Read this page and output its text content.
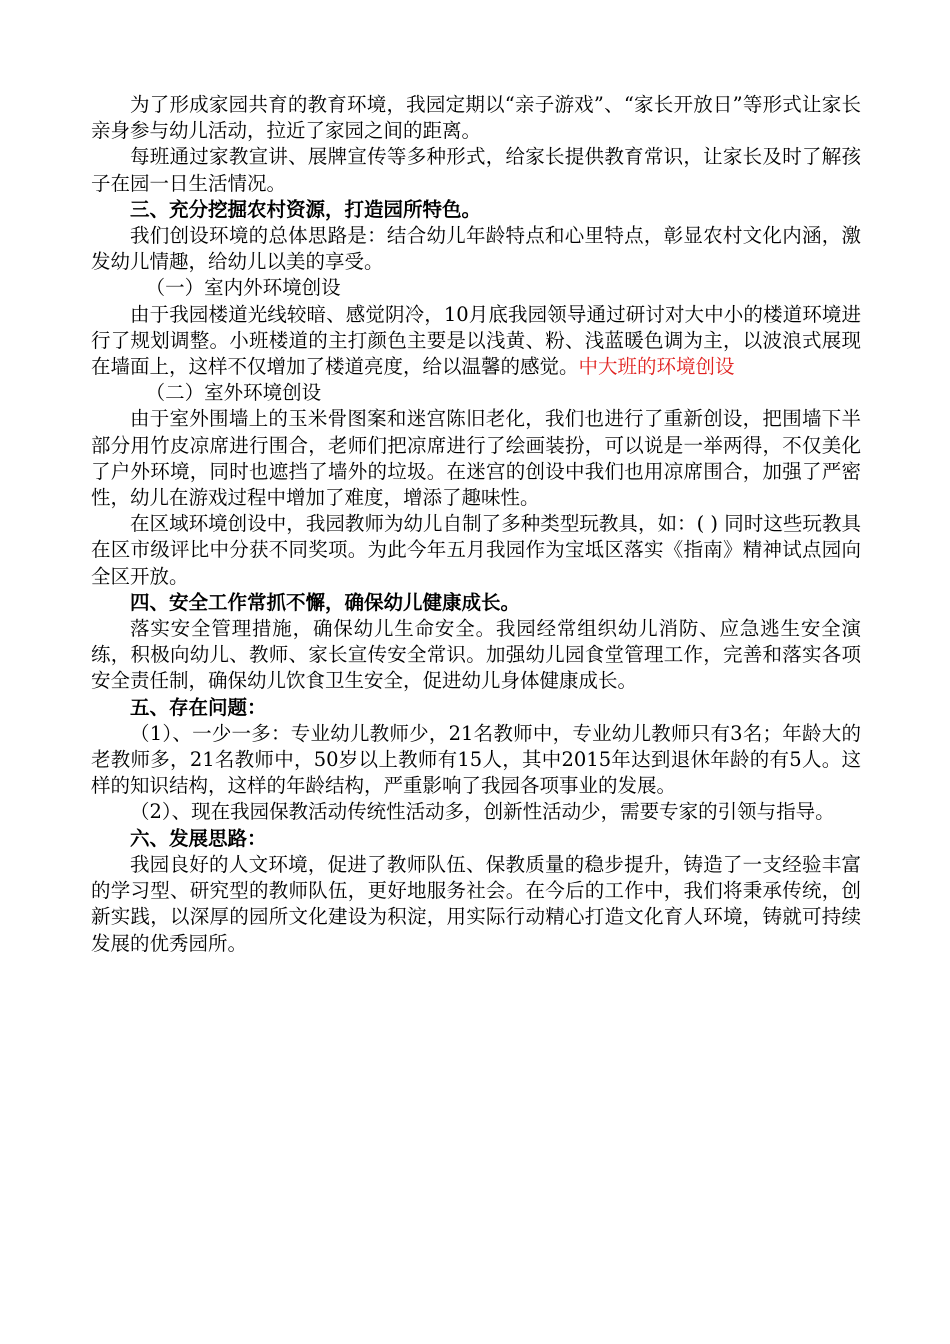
为了形成家园共育的教育环境，我园定期以“亲子游戏”、“家长开放日”等形式让家长亲身参与幼儿活动，拉近了家园之间的距离。

每班通过家教宣讲、展牌宣传等多种形式，给家长提供教育常识，让家长及时了解孩子在园一日生活情况。

三、充分挖掘农村资源，打造园所特色。

我们创设环境的总体思路是：结合幼儿年龄特点和心里特点，彰显农村文化内涵，激发幼儿情趣，给幼儿以美的享受。

（一）室内外环境创设

由于我园楼道光线较暗、感觉阴冷，10月底我园领导通过研讨对大中小的楼道环境进行了规划调整。小班楼道的主打颜色主要是以浅黄、粉、浅蓝暖色调为主，以波浪式展现在墙面上，这样不仅增加了楼道亮度，给以温馨的感觉。中大班的环境创设

（二）室外环境创设

由于室外围墙上的玉米骨图案和迷宫陈旧老化，我们也进行了重新创设，把围墙下半部分用竹皮凉席进行围合，老师们把凉席进行了绘画装扮，可以说是一举两得，不仅美化了户外环境，同时也遮挡了墙外的垃圾。在迷宫的创设中我们也用凉席围合，加强了严密性，幼儿在游戏过程中增加了难度，增添了趣味性。

在区域环境创设中，我园教师为幼儿自制了多种类型玩教具，如：( ) 同时这些玩教具在区市级评比中分获不同奖项。为此今年五月我园作为宝坻区落实《指南》精神试点园向全区开放。

四、安全工作常抓不懈，确保幼儿健康成长。

落实安全管理措施，确保幼儿生命安全。我园经常组织幼儿消防、应急逃生安全演练，积极向幼儿、教师、家长宣传安全常识。加强幼儿园食堂管理工作，完善和落实各项安全责任制，确保幼儿饮食卫生安全，促进幼儿身体健康成长。

五、存在问题：

（1）、一少一多：专业幼儿教师少，21名教师中，专业幼儿教师只有3名；年龄大的老教师多，21名教师中，50岁以上教师有15人，其中2015年达到退休年龄的有5人。这样的知识结构，这样的年龄结构，严重影响了我园各项事业的发展。

（2）、现在我园保教活动传统性活动多，创新性活动少，需要专家的引领与指导。

六、发展思路：

我园良好的人文环境，促进了教师队伍、保教质量的稳步提升，铸造了一支经验丰富的学习型、研究型的教师队伍，更好地服务社会。在今后的工作中，我们将秉承传统，创新实践，以深厚的园所文化建设为积淀，用实际行动精心打造文化育人环境，铸就可持续发展的优秀园所。
